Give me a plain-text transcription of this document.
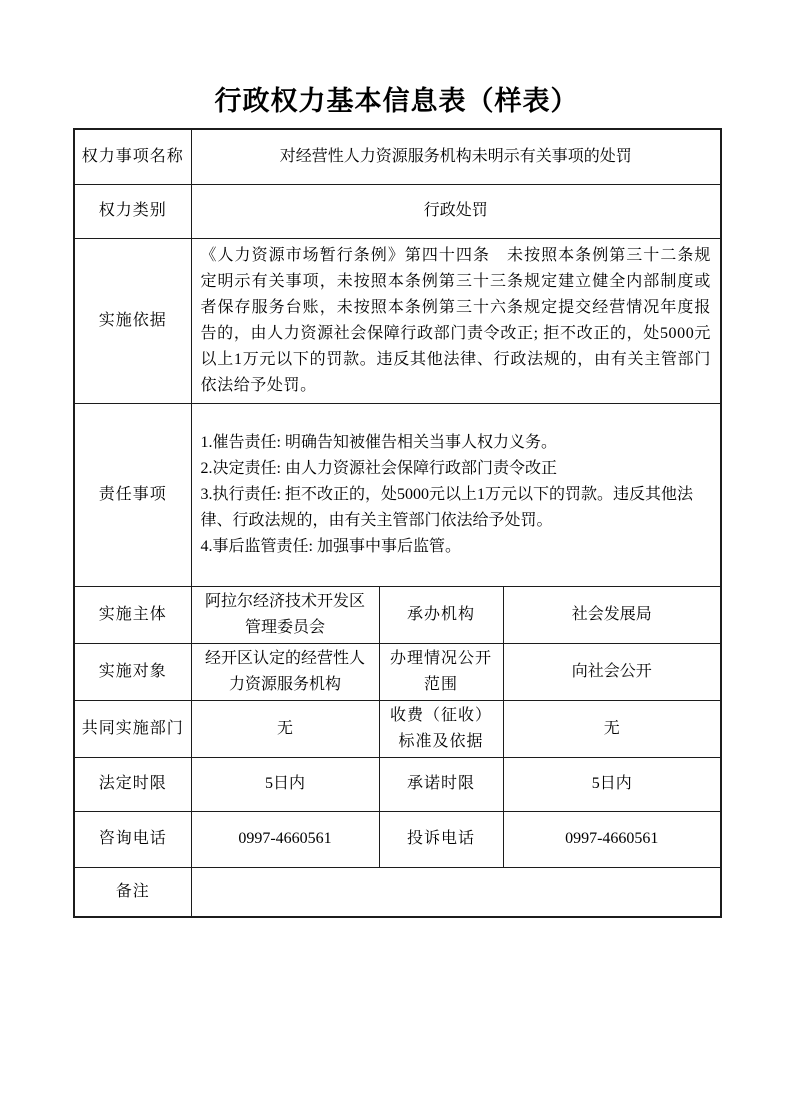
行政权力基本信息表（样表）
权力事项名称	对经营性人力资源服务机构未明示有关事项的处罚		
权力类别	行政处罚		
实施依据	《人力资源市场暂行条例》第四十四条　未按照本条例第三十二条规定明示有关事项，未按照本条例第三十三条规定建立健全内部制度或者保存服务台账，未按照本条例第三十六条规定提交经营情况年度报告的，由人力资源社会保障行政部门责令改正; 拒不改正的，处5000元以上1万元以下的罚款。违反其他法律、行政法规的，由有关主管部门依法给予处罚。		
责任事项	1.催告责任: 明确告知被催告相关当事人权力义务。
2.决定责任: 由人力资源社会保障行政部门责令改正
3.执行责任: 拒不改正的，处5000元以上1万元以下的罚款。违反其他法律、行政法规的，由有关主管部门依法给予处罚。
4.事后监管责任: 加强事中事后监管。		

实施主体	阿拉尔经济技术开发区管理委员会	承办机构	社会发展局
实施对象	经开区认定的经营性人力资源服务机构	办理情况公开范围	向社会公开
共同实施部门	无	收费（征收）标准及依据	无
法定时限	5日内	承诺时限	5日内
咨询电话	0997-4660561	投诉电话	0997-4660561
备注			
